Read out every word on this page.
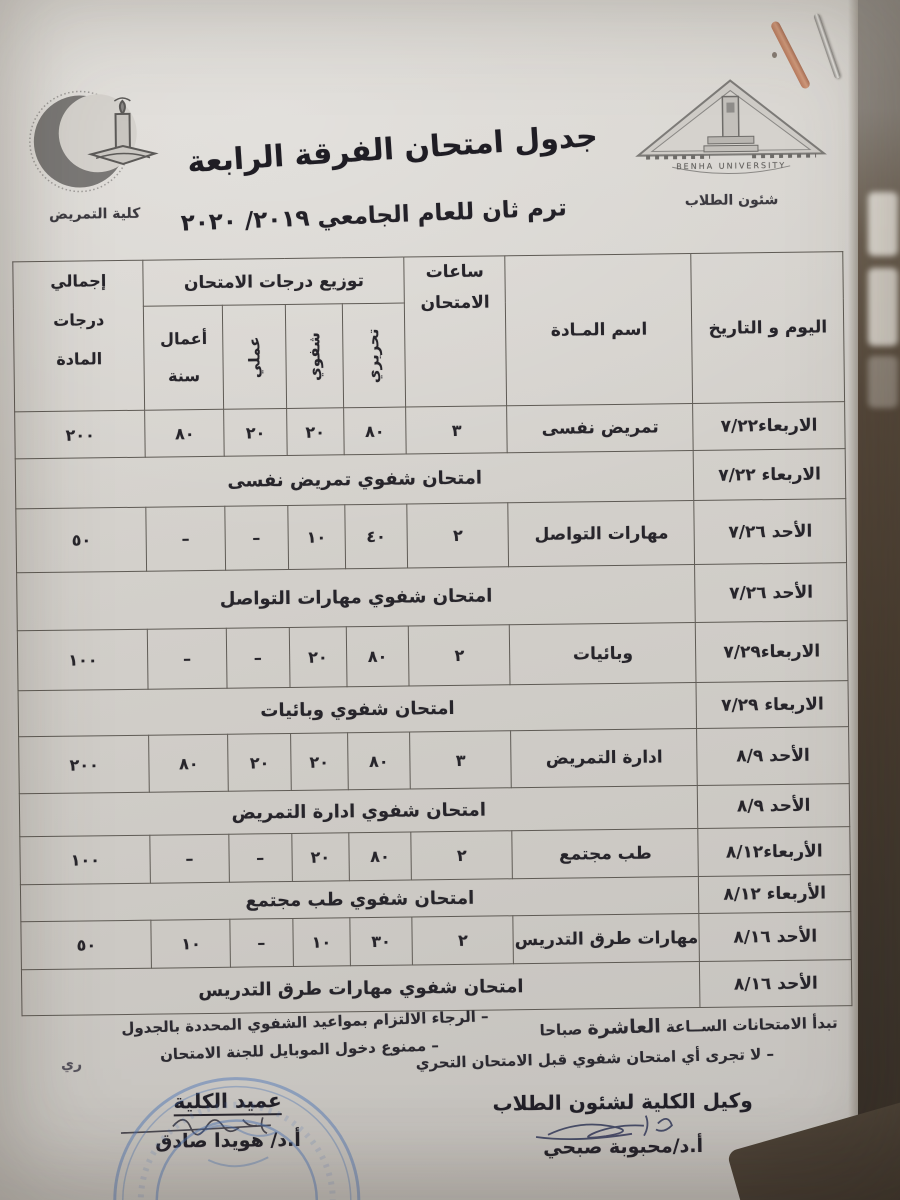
كلية التمريض
BENHA UNIVERSITY
شئون الطلاب
جدول امتحان الفرقة الرابعة
ترم ثان للعام الجامعي ٢٠١٩/ ٢٠٢٠
اليوم و التاريخ	اسم المـادة	ساعات
الامتحان	توزيع درجات الامتحان				إجمالي
درجات
المادة

			تحريري	شفوي	عملي	أعمال
سنة	
الاربعاء٧/٢٢	تمريض نفسى	٣	٨٠	٢٠	٢٠	٨٠	٢٠٠
الاربعاء ٧/٢٢	امتحان شفوي تمريض نفسى						
الأحد ٧/٢٦	مهارات التواصل	٢	٤٠	١٠	–	–	٥٠
الأحد ٧/٢٦	امتحان شفوي مهارات التواصل						
الاربعاء٧/٢٩	وبائيات	٢	٨٠	٢٠	–	–	١٠٠
الاربعاء ٧/٢٩	امتحان شفوي وبائيات						
الأحد ٨/٩	ادارة التمريض	٣	٨٠	٢٠	٢٠	٨٠	٢٠٠
الأحد ٨/٩	امتحان شفوي ادارة التمريض						
الأربعاء٨/١٢	طب مجتمع	٢	٨٠	٢٠	–	–	١٠٠
الأربعاء ٨/١٢	امتحان شفوي طب مجتمع						
الأحد ٨/١٦	مهارات طرق التدريس	٢	٣٠	١٠	–	١٠	٥٠
الأحد ٨/١٦	امتحان شفوي مهارات طرق التدريس						
تبدأ الامتحانات الســاعة العاشرة صباحا
– لا تجرى أي امتحان شفوي قبل الامتحان التحري
– الرجاء الالتزام بمواعيد الشفوي المحددة بالجدول
– ممنوع دخول الموبايل للجنة الامتحان
ري
وكيل الكلية لشئون الطلاب
أ.د/محبوبة صبحي
عميد الكلية
أ.د/ هويدا صادق
